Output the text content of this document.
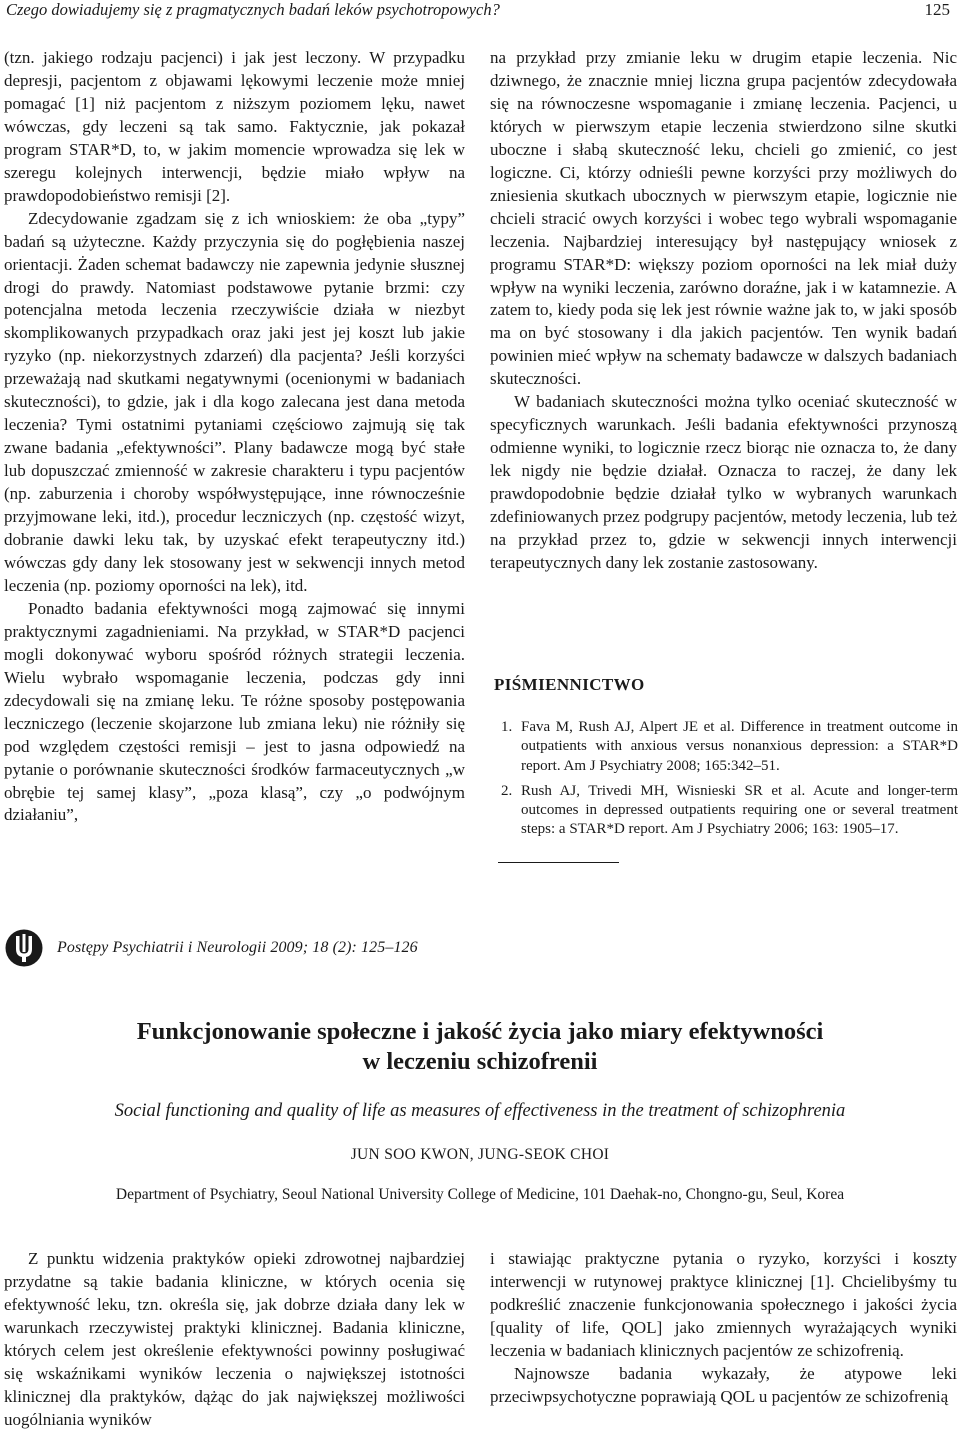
Czego dowiadujemy się z pragmatycznych badań leków psychotropowych?	125

(tzn. jakiego rodzaju pacjenci) i jak jest leczony. W przypadku depresji, pacjentom z objawami lękowymi leczenie może mniej pomagać [1] niż pacjentom z niższym poziomem lęku, nawet wówczas, gdy leczeni są tak samo. Faktycznie, jak pokazał program STAR*D, to, w jakim momencie wprowadza się lek w szeregu kolejnych interwencji, będzie miało wpływ na prawdopodobieństwo remisji [2].

Zdecydowanie zgadzam się z ich wnioskiem: że oba „typy” badań są użyteczne. Każdy przyczynia się do pogłębienia naszej orientacji. Żaden schemat badawczy nie zapewnia jedynie słusznej drogi do prawdy. Natomiast podstawowe pytanie brzmi: czy potencjalna metoda leczenia rzeczywiście działa w niezbyt skomplikowanych przypadkach oraz jaki jest jej koszt lub jakie ryzyko (np. niekorzystnych zdarzeń) dla pacjenta? Jeśli korzyści przeważają nad skutkami negatywnymi (ocenionymi w badaniach skuteczności), to gdzie, jak i dla kogo zalecana jest dana metoda leczenia? Tymi ostatnimi pytaniami częściowo zajmują się tak zwane badania „efektywności”. Plany badawcze mogą być stałe lub dopuszczać zmienność w zakresie charakteru i typu pacjentów (np. zaburzenia i choroby współwystępujące, inne równocześnie przyjmowane leki, itd.), procedur leczniczych (np. częstość wizyt, dobranie dawki leku tak, by uzyskać efekt terapeutyczny itd.) wówczas gdy dany lek stosowany jest w sekwencji innych metod leczenia (np. poziomy oporności na lek), itd.

Ponadto badania efektywności mogą zajmować się innymi praktycznymi zagadnieniami. Na przykład, w STAR*D pacjenci mogli dokonywać wyboru spośród różnych strategii leczenia. Wielu wybrało wspomaganie leczenia, podczas gdy inni zdecydowali się na zmianę leku. Te różne sposoby postępowania leczniczego (leczenie skojarzone lub zmiana leku) nie różniły się pod względem częstości remisji – jest to jasna odpowiedź na pytanie o porównanie skuteczności środków farmaceutycznych „w obrębie tej samej klasy”, „poza klasą”, czy „o podwójnym działaniu”,

na przykład przy zmianie leku w drugim etapie leczenia. Nic dziwnego, że znacznie mniej liczna grupa pacjentów zdecydowała się na równoczesne wspomaganie i zmianę leczenia. Pacjenci, u których w pierwszym etapie leczenia stwierdzono silne skutki uboczne i słabą skuteczność leku, chcieli go zmienić, co jest logiczne. Ci, którzy odnieśli pewne korzyści przy możliwych do zniesienia skutkach ubocznych w pierwszym etapie, logicznie nie chcieli stracić owych korzyści i wobec tego wybrali wspomaganie leczenia. Najbardziej interesujący był następujący wniosek z programu STAR*D: większy poziom oporności na lek miał duży wpływ na wyniki leczenia, zarówno doraźne, jak i w katamnezie. A zatem to, kiedy poda się lek jest równie ważne jak to, w jaki sposób ma on być stosowany i dla jakich pacjentów. Ten wynik badań powinien mieć wpływ na schematy badawcze w dalszych badaniach skuteczności.

W badaniach skuteczności można tylko oceniać skuteczność w specyficznych warunkach. Jeśli badania efektywności przynoszą odmienne wyniki, to logicznie rzecz biorąc nie oznacza to, że dany lek nigdy nie będzie działał. Oznacza to raczej, że dany lek prawdopodobnie będzie działał tylko w wybranych warunkach zdefiniowanych przez podgrupy pacjentów, metody leczenia, lub też na przykład przez to, gdzie w sekwencji innych interwencji terapeutycznych dany lek zostanie zastosowany.

PIŚMIENNICTWO
1. Fava M, Rush AJ, Alpert JE et al. Difference in treatment outcome in outpatients with anxious versus nonanxious depression: a STAR*D report. Am J Psychiatry 2008; 165:342–51.
2. Rush AJ, Trivedi MH, Wisnieski SR et al. Acute and longer-term outcomes in depressed outpatients requiring one or several treatment steps: a STAR*D report. Am J Psychiatry 2006; 163: 1905–17.
Postępy Psychiatrii i Neurologii 2009; 18 (2): 125–126
Funkcjonowanie społeczne i jakość życia jako miary efektywności
w leczeniu schizofrenii
Social functioning and quality of life as measures of effectiveness in the treatment of schizophrenia
JUN SOO KWON, JUNG-SEOK CHOI
Department of Psychiatry, Seoul National University College of Medicine, 101 Daehak-no, Chongno-gu, Seul, Korea

Z punktu widzenia praktyków opieki zdrowotnej najbardziej przydatne są takie badania kliniczne, w których ocenia się efektywność leku, tzn. określa się, jak dobrze działa dany lek w warunkach rzeczywistej praktyki klinicznej. Badania kliniczne, których celem jest określenie efektywności powinny posługiwać się wskaźnikami wyników leczenia o największej istotności klinicznej dla praktyków, dążąc do jak największej możliwości uogólniania wyników

i stawiając praktyczne pytania o ryzyko, korzyści i koszty interwencji w rutynowej praktyce klinicznej [1]. Chcielibyśmy tu podkreślić znaczenie funkcjonowania społecznego i jakości życia [quality of life, QOL] jako zmiennych wyrażających wyniki leczenia w badaniach klinicznych pacjentów ze schizofrenią.

Najnowsze badania wykazały, że atypowe leki przeciwpsychotyczne poprawiają QOL u pacjentów ze schizofrenią
